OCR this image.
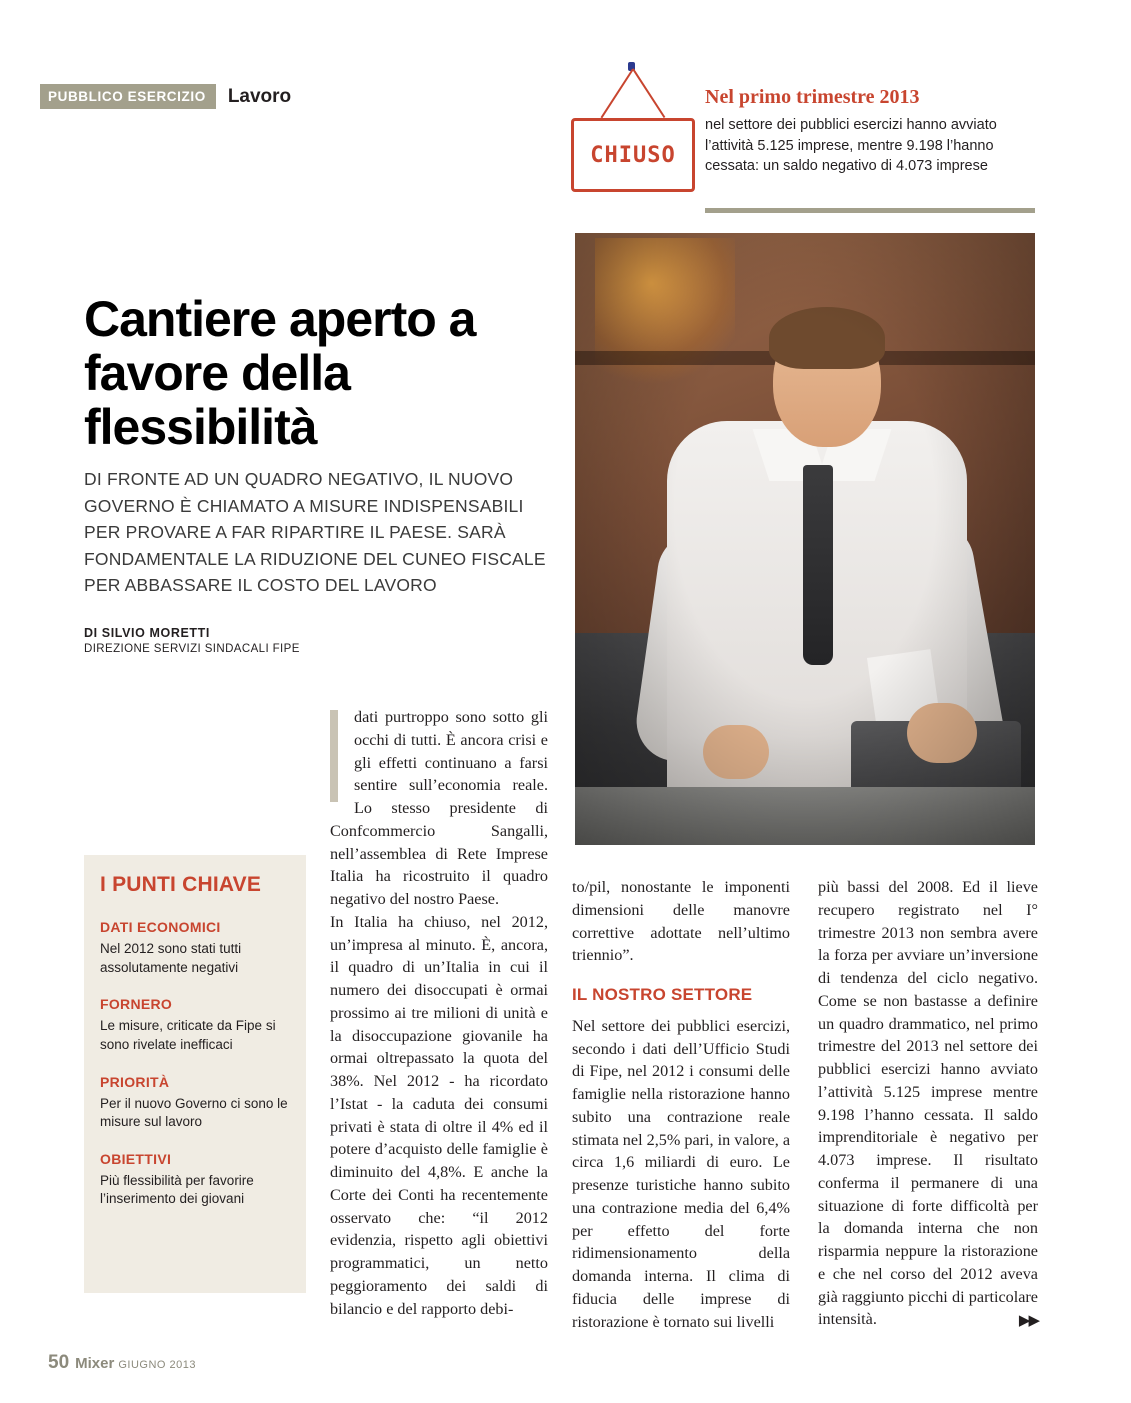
PUBBLICO ESERCIZIO	Lavoro
CHIUSO
Nel primo trimestre 2013
nel settore dei pubblici esercizi hanno avviato l’attività 5.125 imprese, mentre 9.198 l’hanno cessata: un saldo negativo di 4.073 imprese
Cantiere aperto a favore della flessibilità
DI FRONTE AD UN QUADRO NEGATIVO, IL NUOVO GOVERNO È CHIAMATO A MISURE INDISPENSABILI PER PROVARE A FAR RIPARTIRE IL PAESE. SARÀ FONDAMENTALE LA RIDUZIONE DEL CUNEO FISCALE PER ABBASSARE IL COSTO DEL LAVORO
DI SILVIO MORETTI
DIREZIONE SERVIZI SINDACALI FIPE
I PUNTI CHIAVE
DATI ECONOMICI
Nel 2012 sono stati tutti assolutamente negativi
FORNERO
Le misure, criticate da Fipe si sono rivelate inefficaci
PRIORITÀ
Per il nuovo Governo ci sono le misure sul lavoro
OBIETTIVI
Più flessibilità per favorire l’inserimento dei giovani

dati purtroppo sono sotto gli occhi di tutti. È ancora crisi e gli effetti continuano a farsi sentire sull’economia reale. Lo stesso presidente di Confcommercio Sangalli, nell’assemblea di Rete Imprese Italia ha ricostruito il quadro negativo del nostro Paese.

In Italia ha chiuso, nel 2012, un’impresa al minuto. È, ancora, il quadro di un’Italia in cui il numero dei disoccupati è ormai prossimo ai tre milioni di unità e la disoccupazione giovanile ha ormai oltrepassato la quota del 38%. Nel 2012 - ha ricordato l’Istat - la caduta dei consumi privati è stata di oltre il 4% ed il potere d’acquisto delle famiglie è diminuito del 4,8%. E anche la Corte dei Conti ha recentemente osservato che: “il 2012 evidenzia, rispetto agli obiettivi programmatici, un netto peggioramento dei saldi di bilancio e del rapporto debi-

to/pil, nonostante le imponenti dimensioni delle manovre correttive adottate nell’ultimo triennio”.

IL NOSTRO SETTORE

Nel settore dei pubblici esercizi, secondo i dati dell’Ufficio Studi di Fipe, nel 2012 i consumi delle famiglie nella ristorazione hanno subito una contrazione reale stimata nel 2,5% pari, in valore, a circa 1,6 miliardi di euro. Le presenze turistiche hanno subito una contrazione media del 6,4% per effetto del forte ridimensionamento della domanda interna. Il clima di fiducia delle imprese di ristorazione è tornato sui livelli

più bassi del 2008. Ed il lieve recupero registrato nel I° trimestre 2013 non sembra avere la forza per avviare un’inversione di tendenza del ciclo negativo. Come se non bastasse a definire un quadro drammatico, nel primo trimestre del 2013 nel settore dei pubblici esercizi hanno avviato l’attività 5.125 imprese mentre 9.198 l’hanno cessata. Il saldo imprenditoriale è negativo per 4.073 imprese. Il risultato conferma il permanere di una situazione di forte difficoltà per la domanda interna che non risparmia neppure la ristorazione e che nel corso del 2012 aveva già raggiunto picchi di particolare intensità.	▶▶
50 Mixer GIUGNO 2013
